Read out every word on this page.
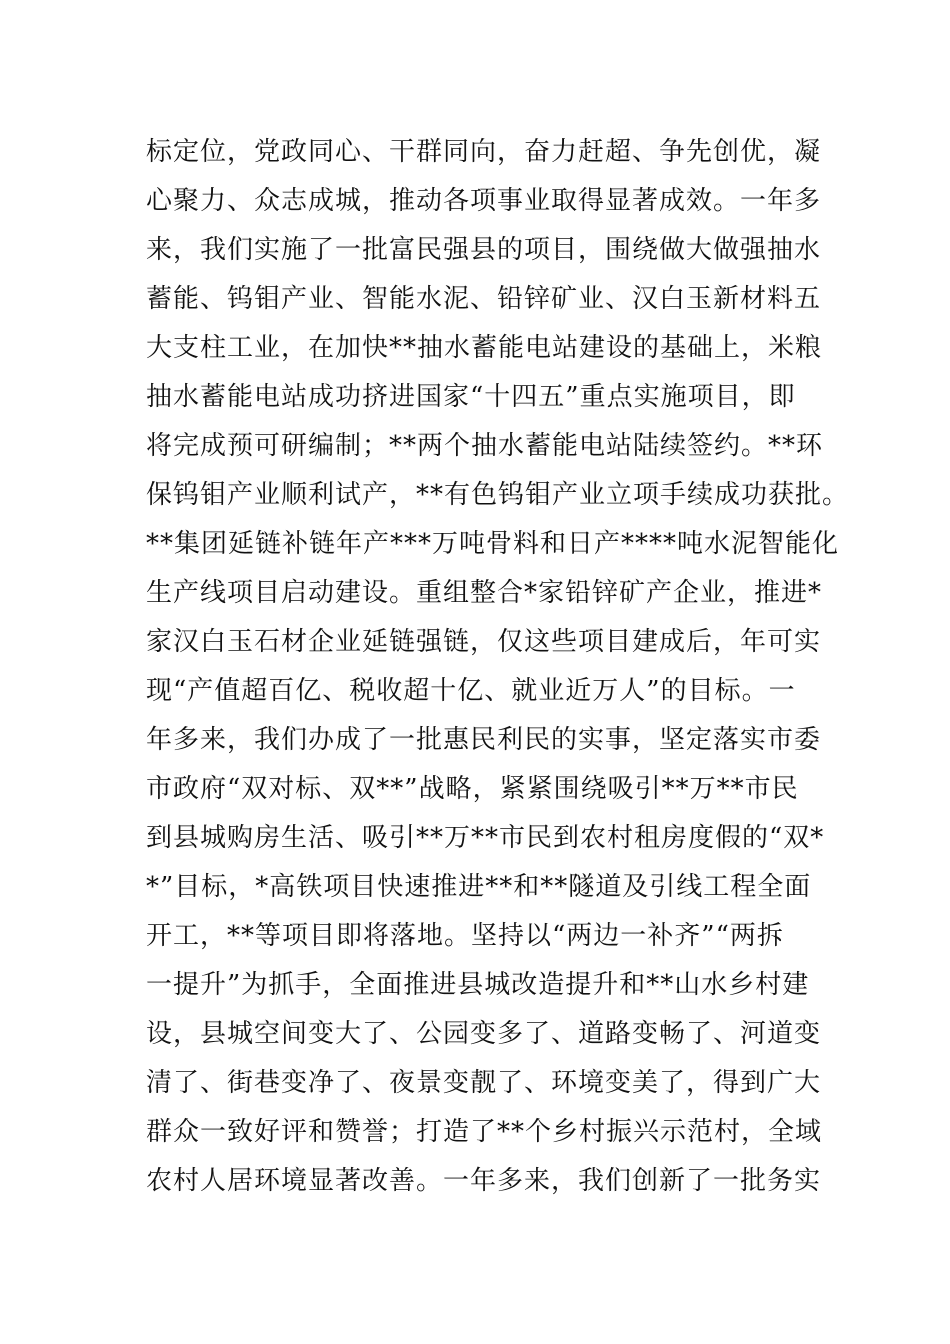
标定位，党政同心、干群同向，奋力赶超、争先创优，凝
心聚力、众志成城，推动各项事业取得显著成效。一年多
来，我们实施了一批富民强县的项目，围绕做大做强抽水
蓄能、钨钼产业、智能水泥、铅锌矿业、汉白玉新材料五
大支柱工业，在加快**抽水蓄能电站建设的基础上，米粮
抽水蓄能电站成功挤进国家“十四五”重点实施项目，即
将完成预可研编制；**两个抽水蓄能电站陆续签约。**环
保钨钼产业顺利试产，**有色钨钼产业立项手续成功获批。
**集团延链补链年产***万吨骨料和日产****吨水泥智能化
生产线项目启动建设。重组整合*家铅锌矿产企业，推进*
家汉白玉石材企业延链强链，仅这些项目建成后，年可实
现“产值超百亿、税收超十亿、就业近万人”的目标。一
年多来，我们办成了一批惠民利民的实事，坚定落实市委
市政府“双对标、双**”战略，紧紧围绕吸引**万**市民
到县城购房生活、吸引**万**市民到农村租房度假的“双*
*”目标，*高铁项目快速推进**和**隧道及引线工程全面
开工，**等项目即将落地。坚持以“两边一补齐”“两拆
一提升”为抓手，全面推进县城改造提升和**山水乡村建
设，县城空间变大了、公园变多了、道路变畅了、河道变
清了、街巷变净了、夜景变靓了、环境变美了，得到广大
群众一致好评和赞誉；打造了**个乡村振兴示范村，全域
农村人居环境显著改善。一年多来，我们创新了一批务实
